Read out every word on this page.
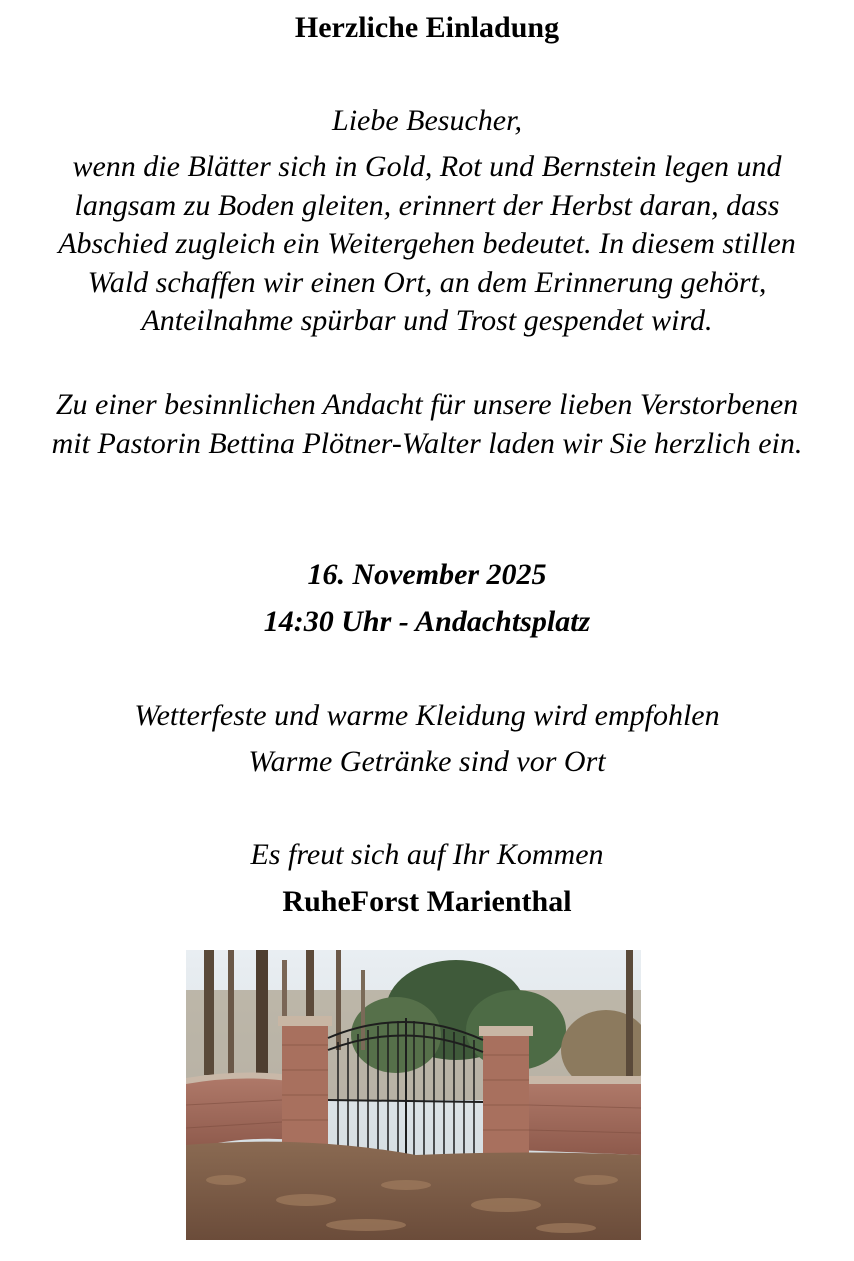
Herzliche Einladung
Liebe Besucher,
wenn die Blätter sich in Gold, Rot und Bernstein legen und langsam zu Boden gleiten, erinnert der Herbst daran, dass Abschied zugleich ein Weitergehen bedeutet. In diesem stillen Wald schaffen wir einen Ort, an dem Erinnerung gehört, Anteilnahme spürbar und Trost gespendet wird.
Zu einer besinnlichen Andacht für unsere lieben Verstorbenen mit Pastorin Bettina Plötner-Walter laden wir Sie herzlich ein.
16. November 2025
14:30 Uhr - Andachtsplatz
Wetterfeste und warme Kleidung wird empfohlen
Warme Getränke sind vor Ort
Es freut sich auf Ihr Kommen
RuheForst Marienthal
